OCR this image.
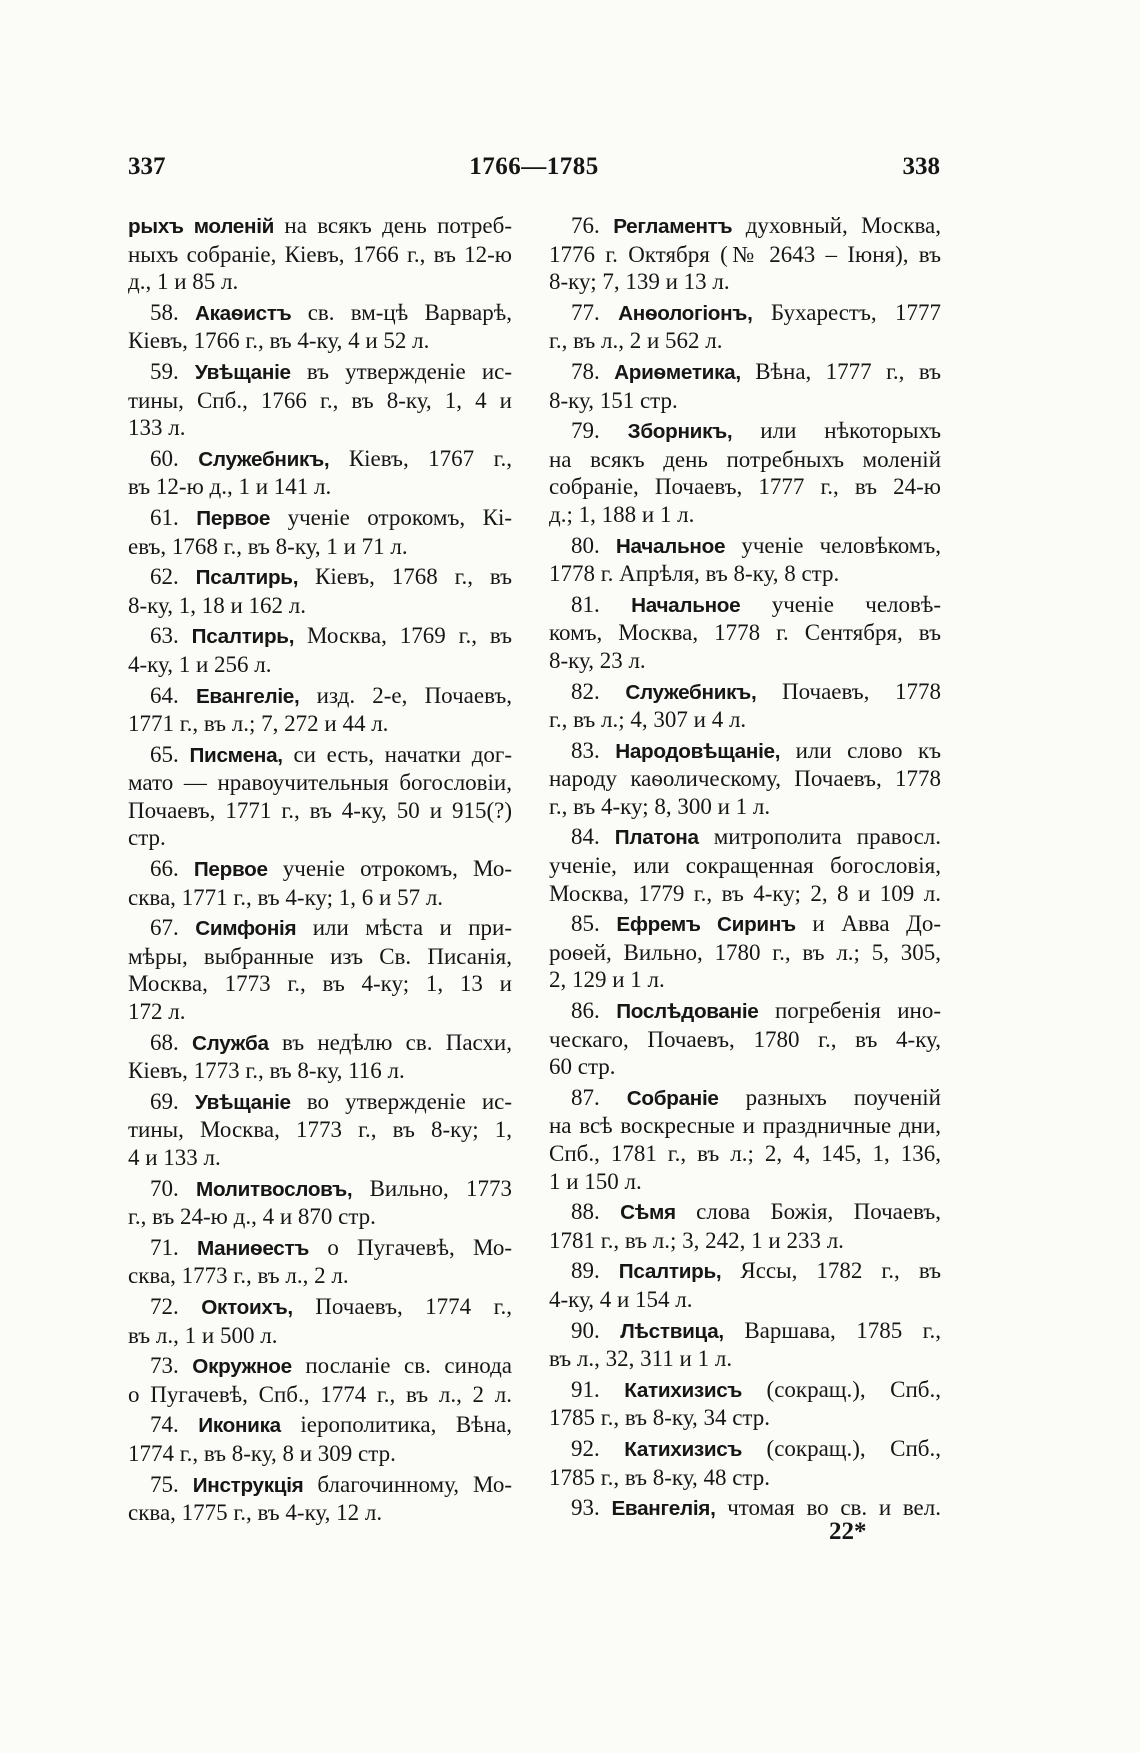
337	1766—1785	338
рыхъ моленій на всякъ день потреб-
ныхъ собраніе, Кіевъ, 1766 г., въ 12-ю
д., 1 и 85 л.
58. Акаѳистъ св. вм-цѣ Варварѣ,
Кіевъ, 1766 г., въ 4-ку, 4 и 52 л.
59. Увѣщаніе въ утвержденіе ис-
тины, Спб., 1766 г., въ 8-ку, 1, 4 и
133 л.
60. Служебникъ, Кіевъ, 1767 г.,
въ 12-ю д., 1 и 141 л.
61. Первое ученіе отрокомъ, Кі-
евъ, 1768 г., въ 8-ку, 1 и 71 л.
62. Псалтирь, Кіевъ, 1768 г., въ
8-ку, 1, 18 и 162 л.
63. Псалтирь, Москва, 1769 г., въ
4-ку, 1 и 256 л.
64. Евангеліе, изд. 2-е, Почаевъ,
1771 г., въ л.; 7, 272 и 44 л.
65. Писмена, си есть, начатки дог-
мато — нравоучительныя богословіи,
Почаевъ, 1771 г., въ 4-ку, 50 и 915(?)
стр.
66. Первое ученіе отрокомъ, Мо-
сква, 1771 г., въ 4-ку; 1, 6 и 57 л.
67. Симфонія или мѣста и при-
мѣры, выбранные изъ Св. Писанія,
Москва, 1773 г., въ 4-ку; 1, 13 и
172 л.
68. Служба въ недѣлю св. Пасхи,
Кіевъ, 1773 г., въ 8-ку, 116 л.
69. Увѣщаніе во утвержденіе ис-
тины, Москва, 1773 г., въ 8-ку; 1,
4 и 133 л.
70. Молитвословъ, Вильно, 1773
г., въ 24-ю д., 4 и 870 стр.
71. Маниѳестъ о Пугачевѣ, Мо-
сква, 1773 г., въ л., 2 л.
72. Октоихъ, Почаевъ, 1774 г.,
въ л., 1 и 500 л.
73. Окружное посланіе св. синода
о Пугачевѣ, Спб., 1774 г., въ л., 2 л.
74. Иконика іерополитика, Вѣна,
1774 г., въ 8-ку, 8 и 309 стр.
75. Инструкція благочинному, Мо-
сква, 1775 г., въ 4-ку, 12 л.
76. Регламентъ духовный, Москва,
1776 г. Октября (№ 2643 – Іюня), въ
8-ку; 7, 139 и 13 л.
77. Анѳологіонъ, Бухарестъ, 1777
г., въ л., 2 и 562 л.
78. Ариѳметика, Вѣна, 1777 г., въ
8-ку, 151 стр.
79. Зборникъ, или нѣкоторыхъ
на всякъ день потребныхъ моленій
собраніе, Почаевъ, 1777 г., въ 24-ю
д.; 1, 188 и 1 л.
80. Начальное ученіе человѣкомъ,
1778 г. Апрѣля, въ 8-ку, 8 стр.
81. Начальное ученіе человѣ-
комъ, Москва, 1778 г. Сентября, въ
8-ку, 23 л.
82. Служебникъ, Почаевъ, 1778
г., въ л.; 4, 307 и 4 л.
83. Народовѣщаніе, или слово къ
народу каѳолическому, Почаевъ, 1778
г., въ 4-ку; 8, 300 и 1 л.
84. Платона митрополита правосл.
ученіе, или сокращенная богословія,
Москва, 1779 г., въ 4-ку; 2, 8 и 109 л.
85. Ефремъ Сиринъ и Авва До-
роѳей, Вильно, 1780 г., въ л.; 5, 305,
2, 129 и 1 л.
86. Послѣдованіе погребенія ино-
ческаго, Почаевъ, 1780 г., въ 4-ку,
60 стр.
87. Собраніе разныхъ поученій
на всѣ воскресные и праздничные дни,
Спб., 1781 г., въ л.; 2, 4, 145, 1, 136,
1 и 150 л.
88. Сѣмя слова Божія, Почаевъ,
1781 г., въ л.; 3, 242, 1 и 233 л.
89. Псалтирь, Яссы, 1782 г., въ
4-ку, 4 и 154 л.
90. Лѣствица, Варшава, 1785 г.,
въ л., 32, 311 и 1 л.
91. Катихизисъ (сокращ.), Спб.,
1785 г., въ 8-ку, 34 стр.
92. Катихизисъ (сокращ.), Спб.,
1785 г., въ 8-ку, 48 стр.
93. Евангелія, чтомая во св. и вел.
22*
